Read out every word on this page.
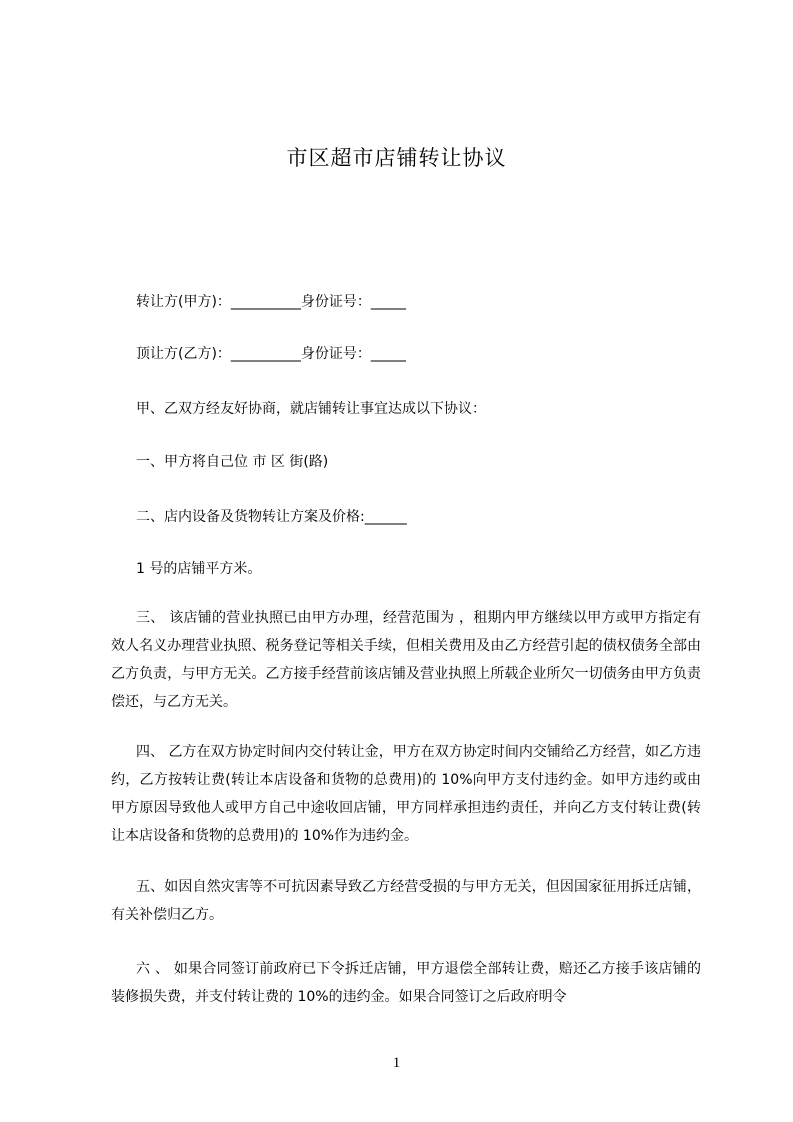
市区超市店铺转让协议
转让方(甲方)：__________身份证号：_____
顶让方(乙方)：__________身份证号：_____
甲、乙双方经友好协商，就店铺转让事宜达成以下协议：
一、甲方将自己位 市 区 街(路)
二、店内设备及货物转让方案及价格:______
1 号的店铺平方米。
三、 该店铺的营业执照已由甲方办理，经营范围为 ，租期内甲方继续以甲方或甲方指定有效人名义办理营业执照、税务登记等相关手续，但相关费用及由乙方经营引起的债权债务全部由乙方负责，与甲方无关。乙方接手经营前该店铺及营业执照上所载企业所欠一切债务由甲方负责偿还，与乙方无关。
四、 乙方在双方协定时间内交付转让金，甲方在双方协定时间内交铺给乙方经营，如乙方违约，乙方按转让费(转让本店设备和货物的总费用)的 10%向甲方支付违约金。如甲方违约或由 甲方原因导致他人或甲方自己中途收回店铺，甲方同样承担违约责任，并向乙方支付转让费(转让本店设备和货物的总费用)的 10%作为违约金。
五、如因自然灾害等不可抗因素导致乙方经营受损的与甲方无关，但因国家征用拆迁店铺，有关补偿归乙方。
六 、 如果合同签订前政府已下令拆迁店铺，甲方退偿全部转让费，赔还乙方接手该店铺的装修损失费，并支付转让费的 10%的违约金。如果合同签订之后政府明令
1
